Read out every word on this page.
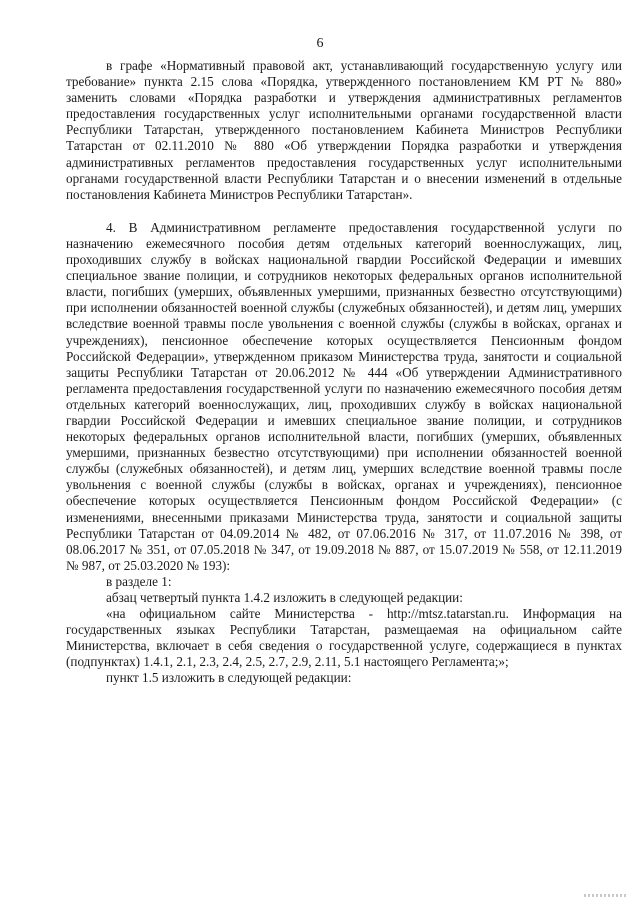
6

в графе «Нормативный правовой акт, устанавливающий государственную услугу или требование» пункта 2.15 слова «Порядка, утвержденного постановлением КМ РТ № 880» заменить словами «Порядка разработки и утверждения административных регламентов предоставления государственных услуг исполнительными органами государственной власти Республики Татарстан, утвержденного постановлением Кабинета Министров Республики Татарстан от 02.11.2010 № 880 «Об утверждении Порядка разработки и утверждения административных регламентов предоставления государственных услуг исполнительными органами государственной власти Республики Татарстан и о внесении изменений в отдельные постановления Кабинета Министров Республики Татарстан».

4. В Административном регламенте предоставления государственной услуги по назначению ежемесячного пособия детям отдельных категорий военнослужащих, лиц, проходивших службу в войсках национальной гвардии Российской Федерации и имевших специальное звание полиции, и сотрудников некоторых федеральных органов исполнительной власти, погибших (умерших, объявленных умершими, признанных безвестно отсутствующими) при исполнении обязанностей военной службы (служебных обязанностей), и детям лиц, умерших вследствие военной травмы после увольнения с военной службы (службы в войсках, органах и учреждениях), пенсионное обеспечение которых осуществляется Пенсионным фондом Российской Федерации», утвержденном приказом Министерства труда, занятости и социальной защиты Республики Татарстан от 20.06.2012 № 444 «Об утверждении Административного регламента предоставления государственной услуги по назначению ежемесячного пособия детям отдельных категорий военнослужащих, лиц, проходивших службу в войсках национальной гвардии Российской Федерации и имевших специальное звание полиции, и сотрудников некоторых федеральных органов исполнительной власти, погибших (умерших, объявленных умершими, признанных безвестно отсутствующими) при исполнении обязанностей военной службы (служебных обязанностей), и детям лиц, умерших вследствие военной травмы после увольнения с военной службы (службы в войсках, органах и учреждениях), пенсионное обеспечение которых осуществляется Пенсионным фондом Российской Федерации» (с изменениями, внесенными приказами Министерства труда, занятости и социальной защиты Республики Татарстан от 04.09.2014 № 482, от 07.06.2016 № 317, от 11.07.2016 № 398, от 08.06.2017 № 351, от 07.05.2018 № 347, от 19.09.2018 № 887, от 15.07.2019 № 558, от 12.11.2019 № 987, от 25.03.2020 № 193):

в разделе 1:

абзац четвертый пункта 1.4.2 изложить в следующей редакции:

«на официальном сайте Министерства - http://mtsz.tatarstan.ru. Информация на государственных языках Республики Татарстан, размещаемая на официальном сайте Министерства, включает в себя сведения о государственной услуге, содержащиеся в пунктах (подпунктах) 1.4.1, 2.1, 2.3, 2.4, 2.5, 2.7, 2.9, 2.11, 5.1 настоящего Регламента;»;

пункт 1.5 изложить в следующей редакции:
